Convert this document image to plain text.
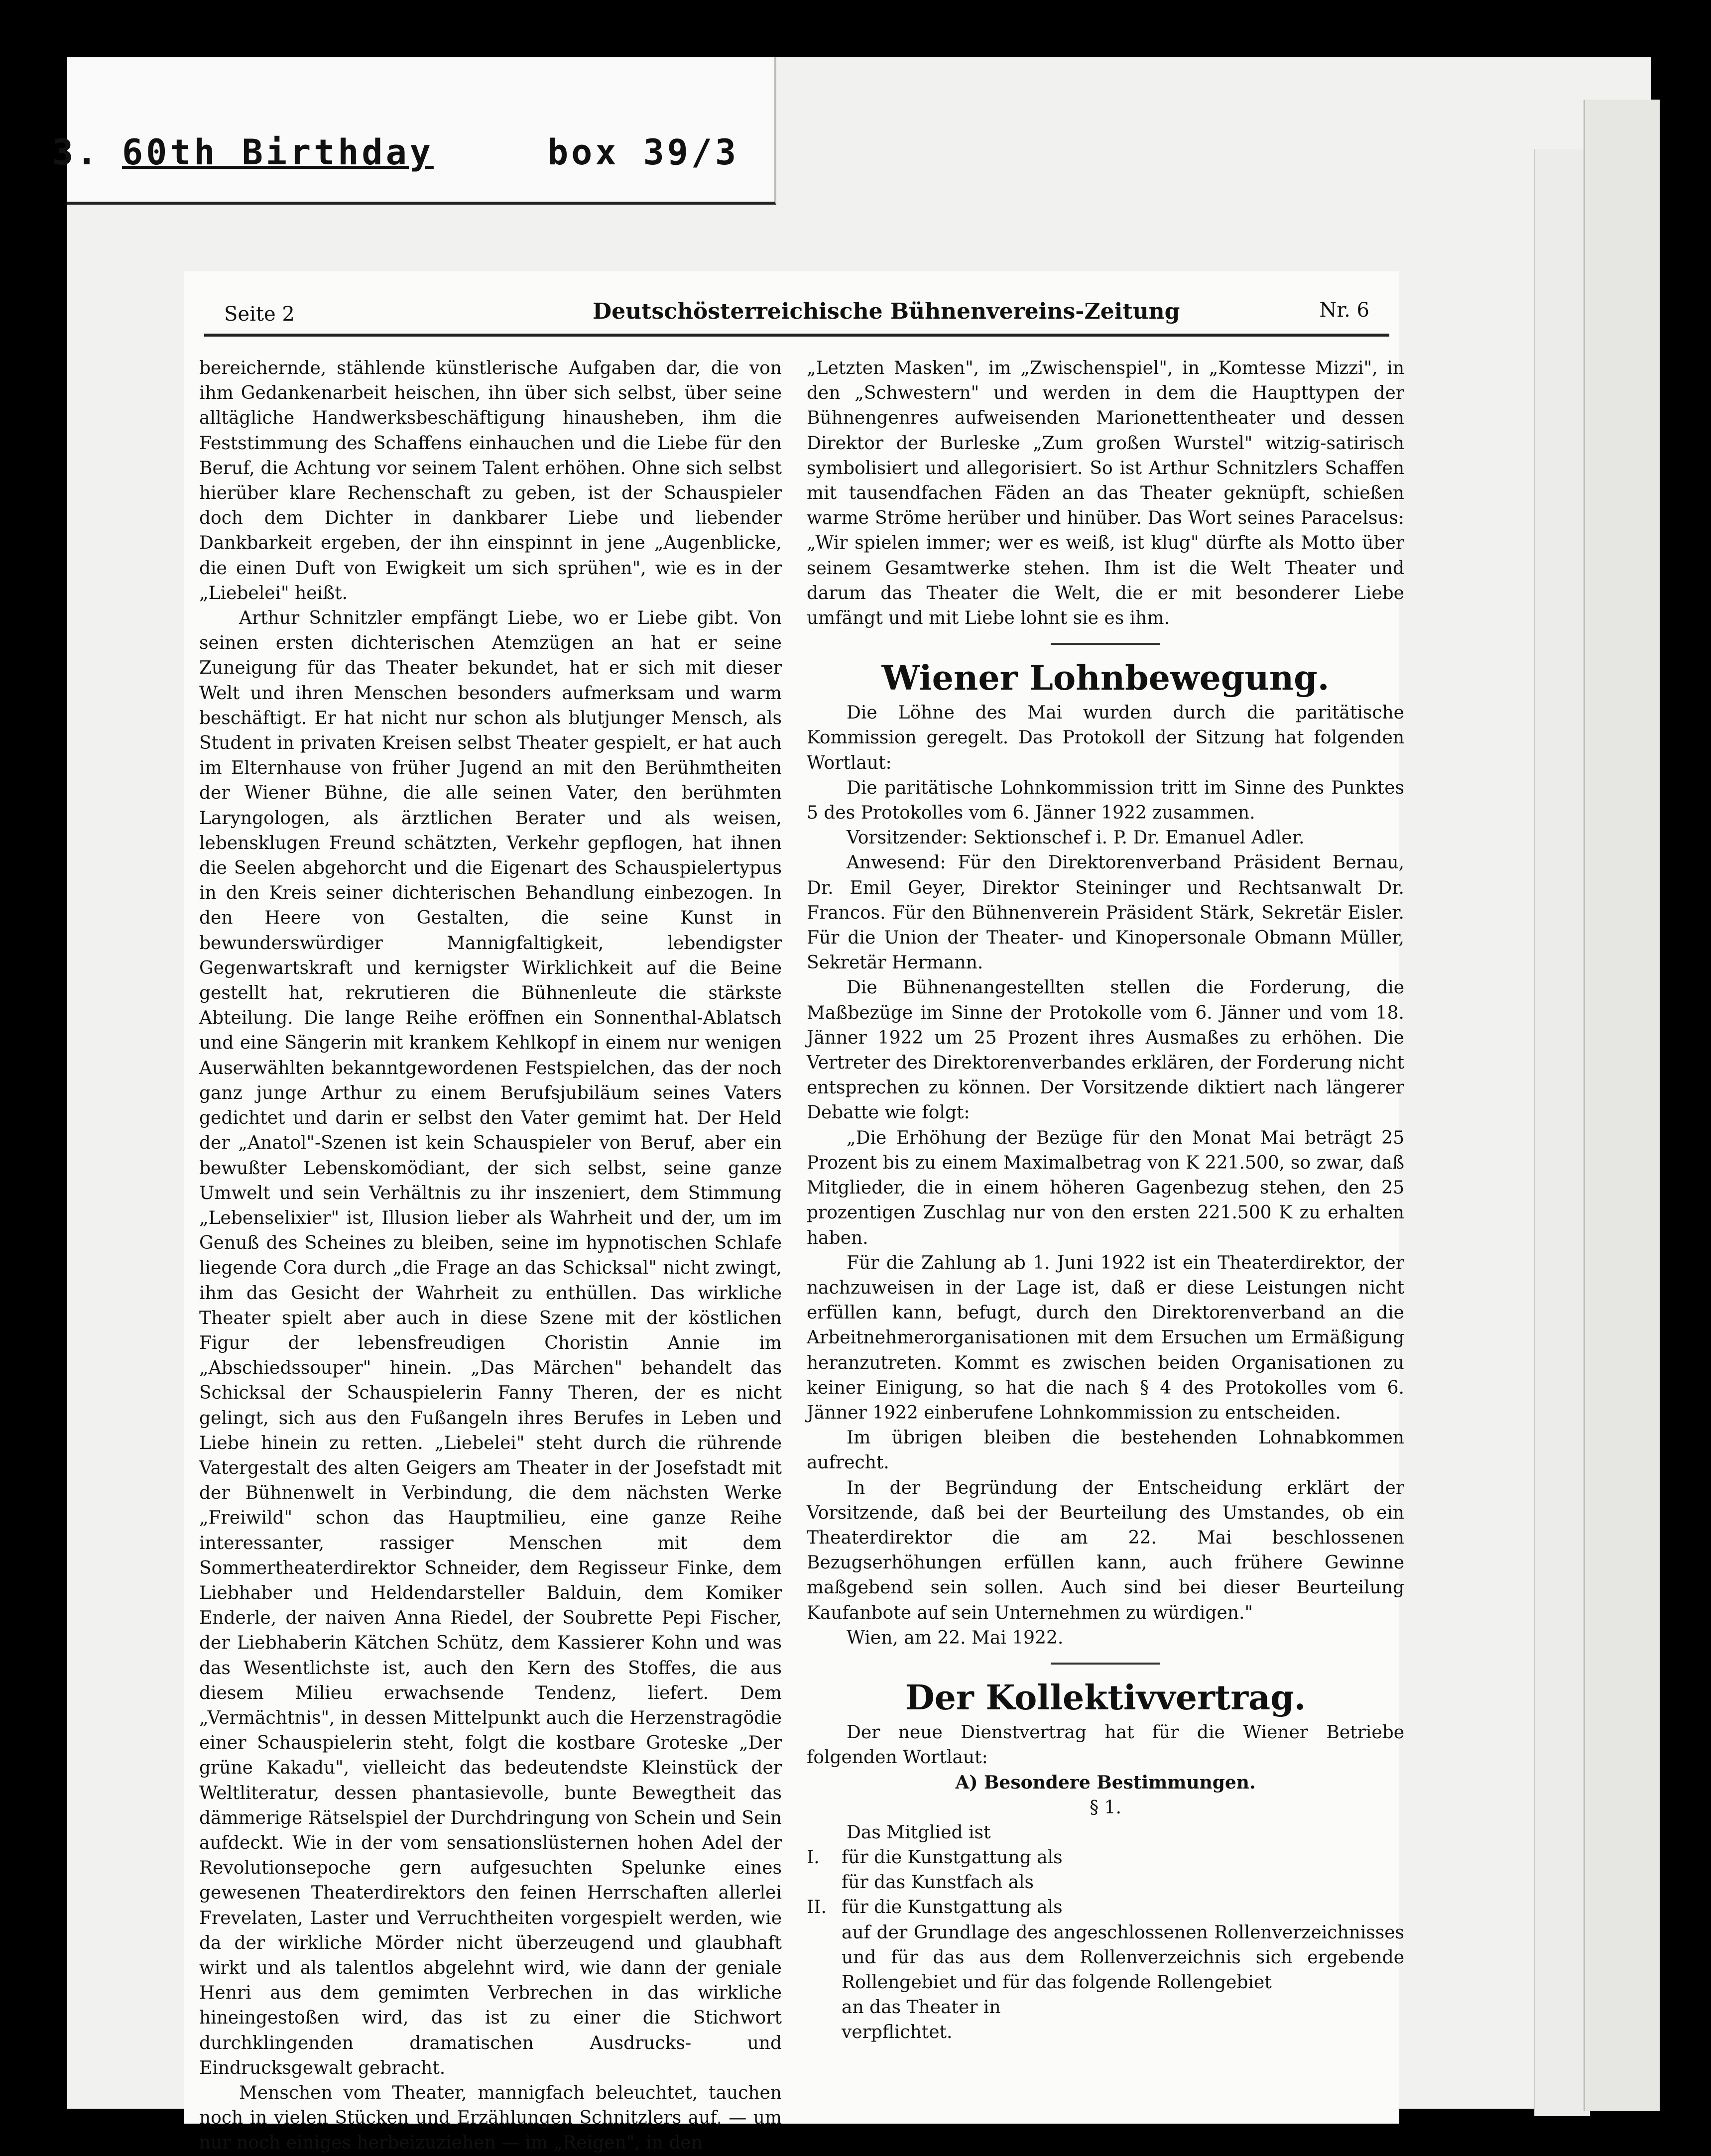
3. 60th Birthday	box 39/3
Seite 2	Deutschösterreichische Bühnenvereins-Zeitung	Nr. 6

bereichernde, stählende künstlerische Aufgaben dar, die von ihm Gedankenarbeit heischen, ihn über sich selbst, über seine alltägliche Handwerksbeschäftigung hinausheben, ihm die Feststimmung des Schaffens einhauchen und die Liebe für den Beruf, die Achtung vor seinem Talent erhöhen. Ohne sich selbst hierüber klare Rechenschaft zu geben, ist der Schauspieler doch dem Dichter in dankbarer Liebe und liebender Dankbarkeit ergeben, der ihn einspinnt in jene „Augenblicke, die einen Duft von Ewigkeit um sich sprühen", wie es in der „Liebelei" heißt.

Arthur Schnitzler empfängt Liebe, wo er Liebe gibt. Von seinen ersten dichterischen Atemzügen an hat er seine Zuneigung für das Theater bekundet, hat er sich mit dieser Welt und ihren Menschen besonders aufmerksam und warm beschäftigt. Er hat nicht nur schon als blutjunger Mensch, als Student in privaten Kreisen selbst Theater gespielt, er hat auch im Elternhause von früher Jugend an mit den Berühmtheiten der Wiener Bühne, die alle seinen Vater, den berühmten Laryngologen, als ärztlichen Berater und als weisen, lebensklugen Freund schätzten, Verkehr gepflogen, hat ihnen die Seelen abgehorcht und die Eigenart des Schauspielertypus in den Kreis seiner dichterischen Behandlung einbezogen. In den Heere von Gestalten, die seine Kunst in bewunderswürdiger Mannigfaltigkeit, lebendigster Gegenwartskraft und kernigster Wirklichkeit auf die Beine gestellt hat, rekrutieren die Bühnenleute die stärkste Abteilung. Die lange Reihe eröffnen ein Sonnenthal-Ablatsch und eine Sängerin mit krankem Kehlkopf in einem nur wenigen Auserwählten bekanntgewordenen Festspielchen, das der noch ganz junge Arthur zu einem Berufsjubiläum seines Vaters gedichtet und darin er selbst den Vater gemimt hat. Der Held der „Anatol"-Szenen ist kein Schauspieler von Beruf, aber ein bewußter Lebenskomödiant, der sich selbst, seine ganze Umwelt und sein Verhältnis zu ihr inszeniert, dem Stimmung „Lebenselixier" ist, Illusion lieber als Wahrheit und der, um im Genuß des Scheines zu bleiben, seine im hypnotischen Schlafe liegende Cora durch „die Frage an das Schicksal" nicht zwingt, ihm das Gesicht der Wahrheit zu enthüllen. Das wirkliche Theater spielt aber auch in diese Szene mit der köstlichen Figur der lebensfreudigen Choristin Annie im „Abschiedssouper" hinein. „Das Märchen" behandelt das Schicksal der Schauspielerin Fanny Theren, der es nicht gelingt, sich aus den Fußangeln ihres Berufes in Leben und Liebe hinein zu retten. „Liebelei" steht durch die rührende Vatergestalt des alten Geigers am Theater in der Josefstadt mit der Bühnenwelt in Verbindung, die dem nächsten Werke „Freiwild" schon das Hauptmilieu, eine ganze Reihe interessanter, rassiger Menschen mit dem Sommertheaterdirektor Schneider, dem Regisseur Finke, dem Liebhaber und Heldendarsteller Balduin, dem Komiker Enderle, der naiven Anna Riedel, der Soubrette Pepi Fischer, der Liebhaberin Kätchen Schütz, dem Kassierer Kohn und was das Wesentlichste ist, auch den Kern des Stoffes, die aus diesem Milieu erwachsende Tendenz, liefert. Dem „Vermächtnis", in dessen Mittelpunkt auch die Herzenstragödie einer Schauspielerin steht, folgt die kostbare Groteske „Der grüne Kakadu", vielleicht das bedeutendste Kleinstück der Weltliteratur, dessen phantasievolle, bunte Bewegtheit das dämmerige Rätselspiel der Durchdringung von Schein und Sein aufdeckt. Wie in der vom sensationslüsternen hohen Adel der Revolutionsepoche gern aufgesuchten Spelunke eines gewesenen Theaterdirektors den feinen Herrschaften allerlei Frevelaten, Laster und Verruchtheiten vorgespielt werden, wie da der wirkliche Mörder nicht überzeugend und glaubhaft wirkt und als talentlos abgelehnt wird, wie dann der geniale Henri aus dem gemimten Verbrechen in das wirkliche hineingestoßen wird, das ist zu einer die Stichwort durchklingenden dramatischen Ausdrucks- und Eindrucksgewalt gebracht.

Menschen vom Theater, mannigfach beleuchtet, tauchen noch in vielen Stücken und Erzählungen Schnitzlers auf, — um nur noch einiges herbeizuziehen — im „Reigen", in den

„Letzten Masken", im „Zwischenspiel", in „Komtesse Mizzi", in den „Schwestern" und werden in dem die Haupttypen der Bühnengenres aufweisenden Marionettentheater und dessen Direktor der Burleske „Zum großen Wurstel" witzig-satirisch symbolisiert und allegorisiert. So ist Arthur Schnitzlers Schaffen mit tausendfachen Fäden an das Theater geknüpft, schießen warme Ströme herüber und hinüber. Das Wort seines Paracelsus: „Wir spielen immer; wer es weiß, ist klug" dürfte als Motto über seinem Gesamtwerke stehen. Ihm ist die Welt Theater und darum das Theater die Welt, die er mit besonderer Liebe umfängt und mit Liebe lohnt sie es ihm.

Wiener Lohnbewegung.

Die Löhne des Mai wurden durch die paritätische Kommission geregelt. Das Protokoll der Sitzung hat folgenden Wortlaut:

Die paritätische Lohnkommission tritt im Sinne des Punktes 5 des Protokolles vom 6. Jänner 1922 zusammen.

Vorsitzender: Sektionschef i. P. Dr. Emanuel Adler.

Anwesend: Für den Direktorenverband Präsident Bernau, Dr. Emil Geyer, Direktor Steininger und Rechtsanwalt Dr. Francos. Für den Bühnenverein Präsident Stärk, Sekretär Eisler. Für die Union der Theater- und Kinopersonale Obmann Müller, Sekretär Hermann.

Die Bühnenangestellten stellen die Forderung, die Maßbezüge im Sinne der Protokolle vom 6. Jänner und vom 18. Jänner 1922 um 25 Prozent ihres Ausmaßes zu erhöhen. Die Vertreter des Direktorenverbandes erklären, der Forderung nicht entsprechen zu können. Der Vorsitzende diktiert nach längerer Debatte wie folgt:

„Die Erhöhung der Bezüge für den Monat Mai beträgt 25 Prozent bis zu einem Maximalbetrag von K 221.500, so zwar, daß Mitglieder, die in einem höheren Gagenbezug stehen, den 25 prozentigen Zuschlag nur von den ersten 221.500 K zu erhalten haben.

Für die Zahlung ab 1. Juni 1922 ist ein Theaterdirektor, der nachzuweisen in der Lage ist, daß er diese Leistungen nicht erfüllen kann, befugt, durch den Direktorenverband an die Arbeitnehmerorganisationen mit dem Ersuchen um Ermäßigung heranzutreten. Kommt es zwischen beiden Organisationen zu keiner Einigung, so hat die nach § 4 des Protokolles vom 6. Jänner 1922 einberufene Lohnkommission zu entscheiden.

Im übrigen bleiben die bestehenden Lohnabkommen aufrecht.

In der Begründung der Entscheidung erklärt der Vorsitzende, daß bei der Beurteilung des Umstandes, ob ein Theaterdirektor die am 22. Mai beschlossenen Bezugserhöhungen erfüllen kann, auch frühere Gewinne maßgebend sein sollen. Auch sind bei dieser Beurteilung Kaufanbote auf sein Unternehmen zu würdigen."

Wien, am 22. Mai 1922.

Der Kollektivvertrag.

Der neue Dienstvertrag hat für die Wiener Betriebe folgenden Wortlaut:

A) Besondere Bestimmungen.

§ 1.

Das Mitglied ist

I. für die Kunstgattung als

für das Kunstfach als

II. für die Kunstgattung als

auf der Grundlage des angeschlossenen Rollenverzeichnisses und für das aus dem Rollenverzeichnis sich ergebende Rollengebiet und für das folgende Rollengebiet

an das Theater in

verpflichtet.
